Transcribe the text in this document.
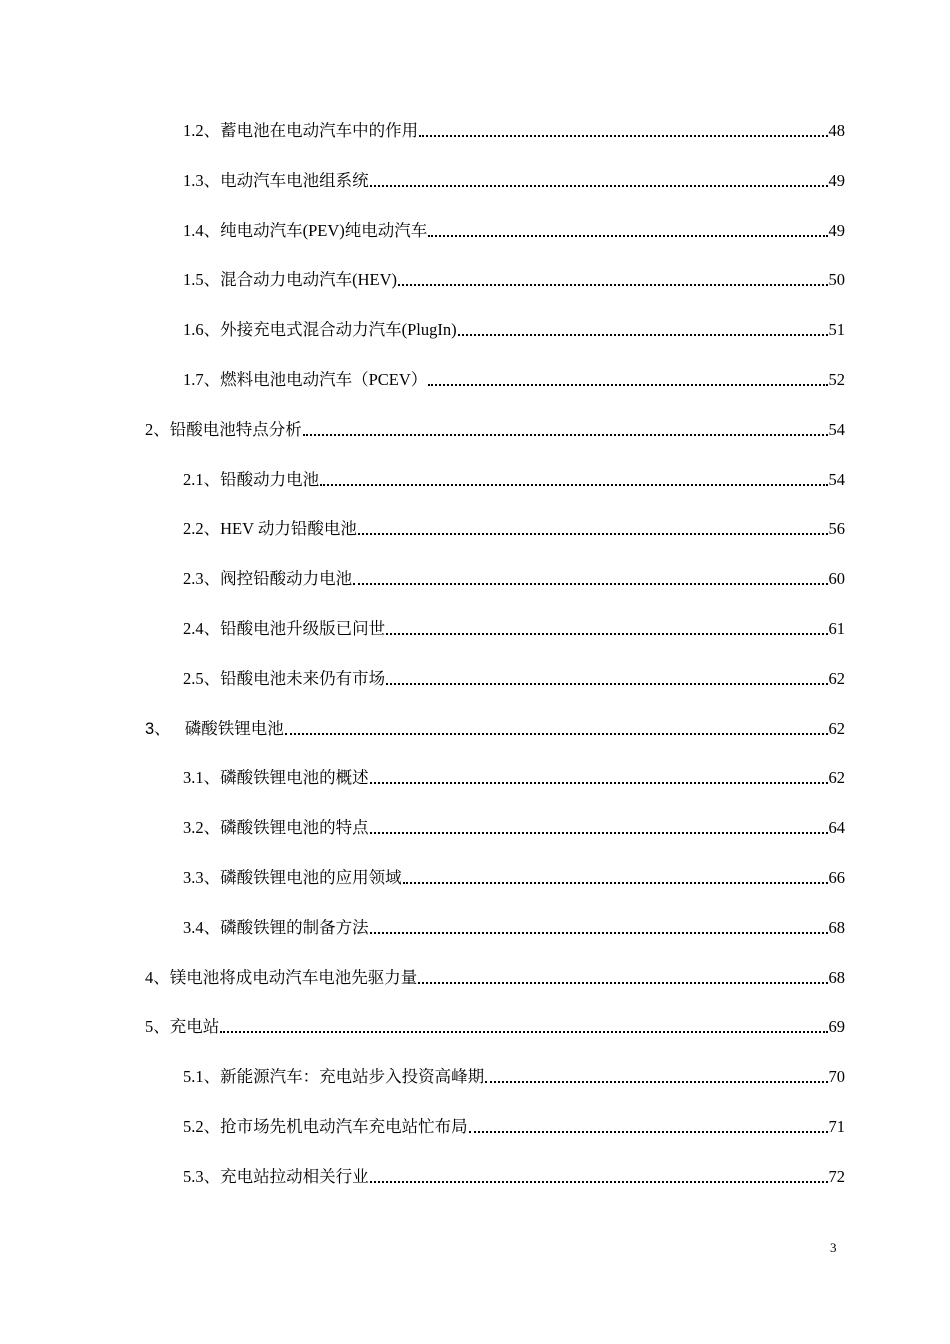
1.2、蓄电池在电动汽车中的作用	48
1.3、电动汽车电池组系统	49
1.4、纯电动汽车(PEV)纯电动汽车	49
1.5、混合动力电动汽车(HEV)	50
1.6、外接充电式混合动力汽车(PlugIn)	51
1.7、燃料电池电动汽车（PCEV）	52
2、铅酸电池特点分析	54
2.1、铅酸动力电池	54
2.2、HEV 动力铅酸电池	56
2.3、阀控铅酸动力电池	60
2.4、铅酸电池升级版已问世	61
2.5、铅酸电池未来仍有市场	62
3、 磷酸铁锂电池	62
3.1、磷酸铁锂电池的概述	62
3.2、磷酸铁锂电池的特点	64
3.3、磷酸铁锂电池的应用领域	66
3.4、磷酸铁锂的制备方法	68
4、镁电池将成电动汽车电池先驱力量	68
5、充电站	69
5.1、新能源汽车：充电站步入投资高峰期	70
5.2、抢市场先机电动汽车充电站忙布局	71
5.3、充电站拉动相关行业	72
3
